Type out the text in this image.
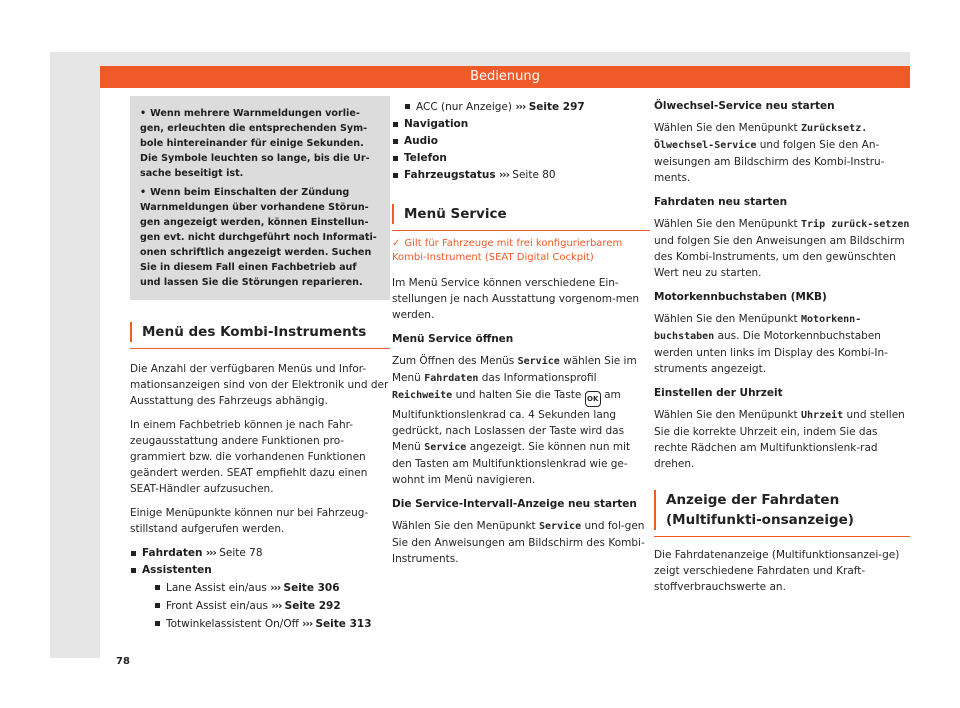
Bedienung

• Wenn mehrere Warnmeldungen vorlie-gen, erleuchten die entsprechenden Sym-bole hintereinander für einige Sekunden. Die Symbole leuchten so lange, bis die Ur-sache beseitigt ist.

• Wenn beim Einschalten der Zündung Warnmeldungen über vorhandene Störun-gen angezeigt werden, können Einstellun-gen evt. nicht durchgeführt noch Informati-onen schriftlich angezeigt werden. Suchen Sie in diesem Fall einen Fachbetrieb auf und lassen Sie die Störungen reparieren.

Menü des Kombi-Instruments

Die Anzahl der verfügbaren Menüs und Infor-mationsanzeigen sind von der Elektronik und der Ausstattung des Fahrzeugs abhängig.

In einem Fachbetrieb können je nach Fahr-zeugausstattung andere Funktionen pro-grammiert bzw. die vorhandenen Funktionen geändert werden. SEAT empfiehlt dazu einen SEAT-Händler aufzusuchen.

Einige Menüpunkte können nur bei Fahrzeug-stillstand aufgerufen werden.

Fahrdaten ››› Seite 78
Assistenten
Lane Assist ein/aus ››› Seite 306
Front Assist ein/aus ››› Seite 292
Totwinkelassistent On/Off ››› Seite 313
ACC (nur Anzeige) ››› Seite 297
Navigation
Audio
Telefon
Fahrzeugstatus ››› Seite 80
Menü Service

✓ Gilt für Fahrzeuge mit frei konfigurierbarem Kombi-Instrument (SEAT Digital Cockpit)

Im Menü Service können verschiedene Ein-stellungen je nach Ausstattung vorgenom-men werden.

Menü Service öffnen

Zum Öffnen des Menüs Service wählen Sie im Menü Fahrdaten das Informationsprofil Reichweite und halten Sie die Taste OK am Multifunktionslenkrad ca. 4 Sekunden lang gedrückt, nach Loslassen der Taste wird das Menü Service angezeigt. Sie können nun mit den Tasten am Multifunktionslenkrad wie ge-wohnt im Menü navigieren.

Die Service-Intervall-Anzeige neu starten

Wählen Sie den Menüpunkt Service und fol-gen Sie den Anweisungen am Bildschirm des Kombi-Instruments.

Ölwechsel-Service neu starten

Wählen Sie den Menüpunkt Zurücksetz. Ölwechsel-Service und folgen Sie den An-weisungen am Bildschirm des Kombi-Instru-ments.

Fahrdaten neu starten

Wählen Sie den Menüpunkt Trip zurück-setzen und folgen Sie den Anweisungen am Bildschirm des Kombi-Instruments, um den gewünschten Wert neu zu starten.

Motorkennbuchstaben (MKB)

Wählen Sie den Menüpunkt Motorkenn-buchstaben aus. Die Motorkennbuchstaben werden unten links im Display des Kombi-In-struments angezeigt.

Einstellen der Uhrzeit

Wählen Sie den Menüpunkt Uhrzeit und stellen Sie die korrekte Uhrzeit ein, indem Sie das rechte Rädchen am Multifunktionslenk-rad drehen.

Anzeige der Fahrdaten (Multifunkti-onsanzeige)

Die Fahrdatenanzeige (Multifunktionsanzei-ge) zeigt verschiedene Fahrdaten und Kraft-stoffverbrauchswerte an.

78
